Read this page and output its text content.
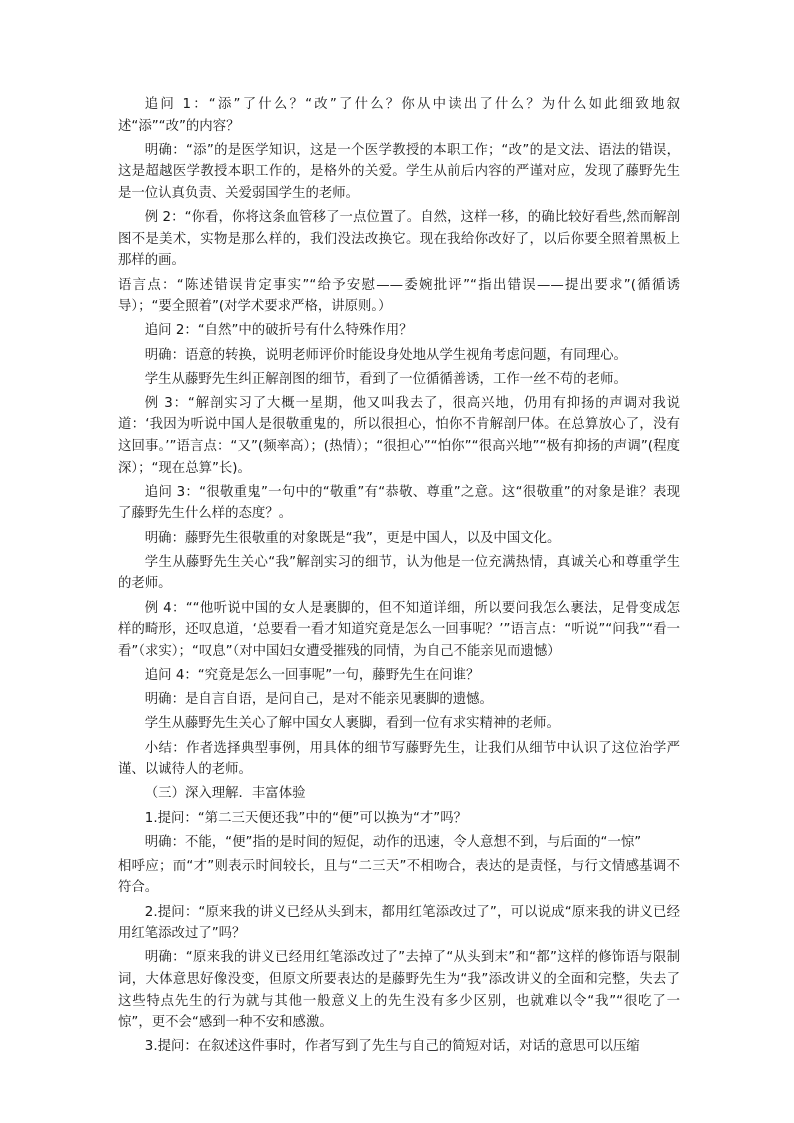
追问 1：“添”了什么？“改”了什么？你从中读出了什么？为什么如此细致地叙述“添”“改”的内容？

明确：“添”的是医学知识，这是一个医学教授的本职工作；“改”的是文法、语法的错误，这是超越医学教授本职工作的，是格外的关爱。学生从前后内容的严谨对应，发现了藤野先生是一位认真负责、关爱弱国学生的老师。

例 2：“你看，你将这条血管移了一点位置了。自然，这样一移，的确比较好看些,然而解剖图不是美术，实物是那么样的，我们没法改换它。现在我给你改好了，以后你要全照着黑板上那样的画。

语言点：“陈述错误肯定事实”“给予安慰——委婉批评”“指出错误——提出要求”(循循诱导）；“要全照着”(对学术要求严格，讲原则。）

追问 2：“自然”中的破折号有什么特殊作用？

明确：语意的转换，说明老师评价时能设身处地从学生视角考虑问题，有同理心。

学生从藤野先生纠正解剖图的细节，看到了一位循循善诱，工作一丝不苟的老师。

例 3：“解剖实习了大概一星期，他又叫我去了，很高兴地，仍用有抑扬的声调对我说道：‘我因为听说中国人是很敬重鬼的，所以很担心，怕你不肯解剖尸体。在总算放心了，没有这回事。’”语言点：“又”(频率高）；(热情）；“很担心”“怕你”“很高兴地”“极有抑扬的声调”(程度深）；“现在总算”长)。

追问 3：“很敬重鬼”一句中的“敬重”有“恭敬、尊重”之意。这“很敬重”的对象是谁？表现了藤野先生什么样的态度？。

明确：藤野先生很敬重的对象既是“我”，更是中国人，以及中国文化。

学生从藤野先生关心“我”解剖实习的细节，认为他是一位充满热情，真诚关心和尊重学生的老师。

例 4：““他听说中国的女人是裹脚的，但不知道详细，所以要问我怎么裹法，足骨变成怎样的畸形，还叹息道，‘总要看一看才知道究竟是怎么一回事呢？’”语言点：“听说”“问我”“看一看”（求实）；“叹息”（对中国妇女遭受摧残的同情，为自己不能亲见而遗憾）

追问 4：“究竟是怎么一回事呢”一句，藤野先生在问谁？

明确：是自言自语，是问自己，是对不能亲见裹脚的遗憾。

学生从藤野先生关心了解中国女人裹脚，看到一位有求实精神的老师。

小结：作者选择典型事例，用具体的细节写藤野先生，让我们从细节中认识了这位治学严谨、以诚待人的老师。

（三）深入理解．丰富体验

1.提问：“第二三天便还我”中的“便”可以换为“才”吗？

明确：不能，“便”指的是时间的短促，动作的迅速，令人意想不到，与后面的“一惊”

相呼应；而“才”则表示时间较长，且与“二三天”不相吻合，表达的是责怪，与行文情感基调不符合。

2.提问：“原来我的讲义已经从头到末，都用红笔添改过了”，可以说成“原来我的讲义已经用红笔添改过了”吗？

明确：“原来我的讲义已经用红笔添改过了”去掉了“从头到末”和“都”这样的修饰语与限制词，大体意思好像没变，但原文所要表达的是藤野先生为“我”添改讲义的全面和完整，失去了这些特点先生的行为就与其他一般意义上的先生没有多少区别，也就难以令“我”“很吃了一惊”，更不会“感到一种不安和感激。

3.提问：在叙述这件事时，作者写到了先生与自己的简短对话，对话的意思可以压缩
